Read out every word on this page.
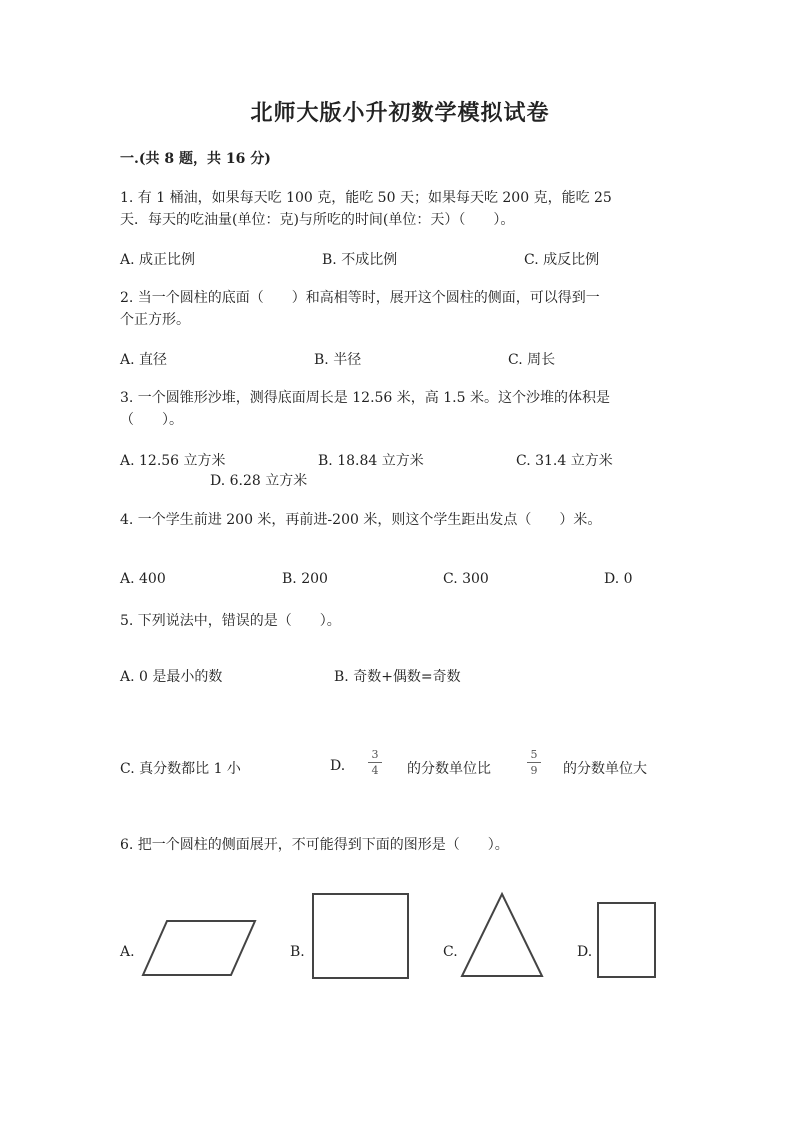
北师大版小升初数学模拟试卷
一.(共 8 题，共 16 分)
1. 有 1 桶油，如果每天吃 100 克，能吃 50 天；如果每天吃 200 克，能吃 25
天．每天的吃油量(单位：克)与所吃的时间(单位：天）（　　）。
A. 成正比例	B. 不成比例	C. 成反比例
2. 当一个圆柱的底面（　　）和高相等时，展开这个圆柱的侧面，可以得到一
个正方形。
A. 直径	B. 半径	C. 周长
3. 一个圆锥形沙堆，测得底面周长是 12.56 米，高 1.5 米。这个沙堆的体积是
（　　）。
A. 12.56 立方米	B. 18.84 立方米	C. 31.4 立方米
D. 6.28 立方米
4. 一个学生前进 200 米，再前进-200 米，则这个学生距出发点（　　）米。
A. 400	B. 200	C. 300	D. 0
5. 下列说法中，错误的是（　　）。
A. 0 是最小的数	B. 奇数+偶数=奇数
C. 真分数都比 1 小	D.
3
4 的分数单位比
5
9 的分数单位大
6. 把一个圆柱的侧面展开，不可能得到下面的图形是（　　）。
A.	B.	C.	D.
